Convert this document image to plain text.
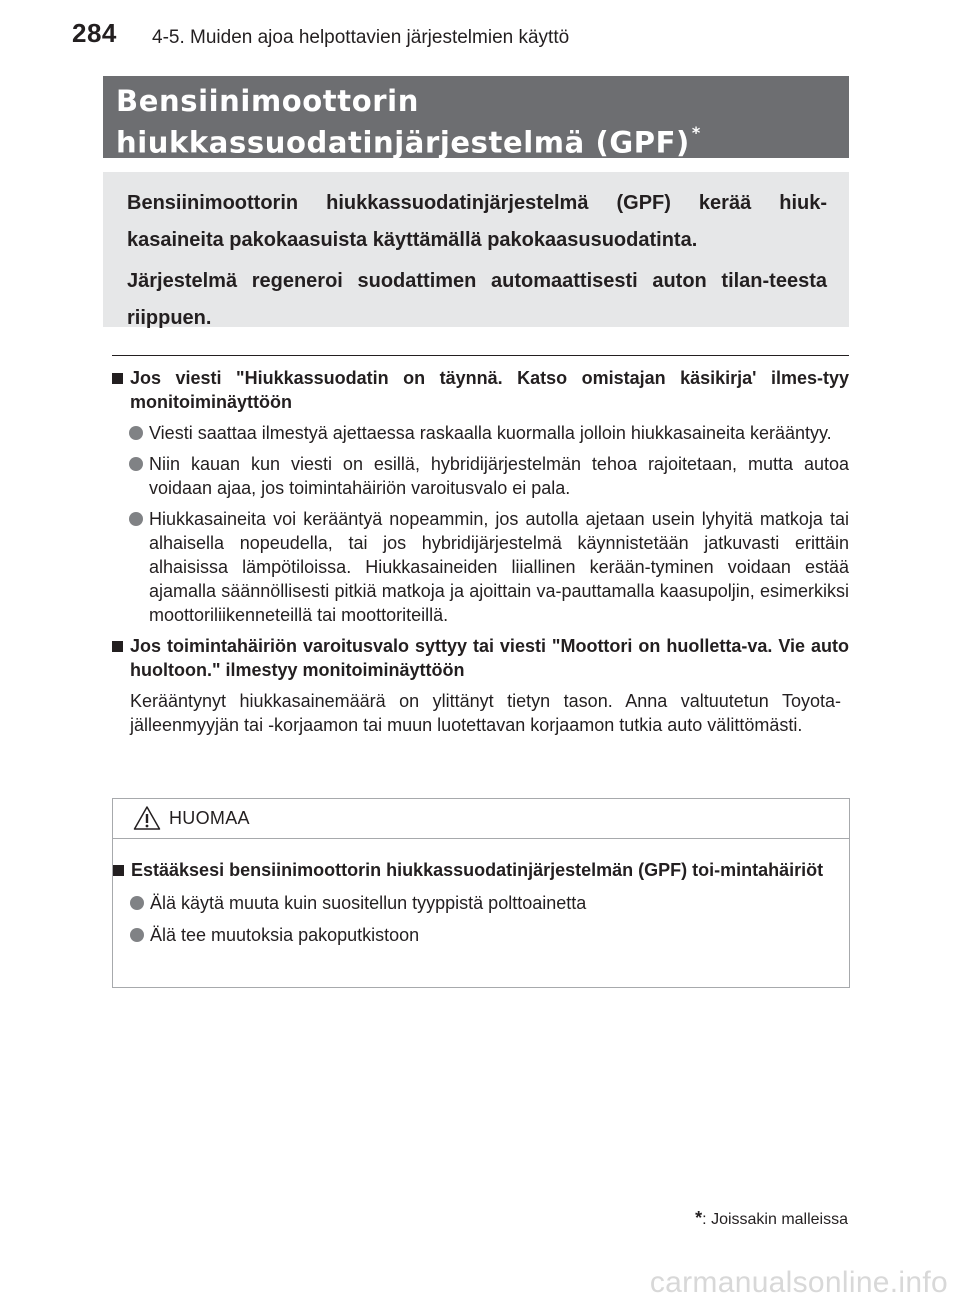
284 4-5. Muiden ajoa helpottavien järjestelmien käyttö
Bensiinimoottorin
hiukkassuodatinjärjestelmä (GPF) *

Bensiinimoottorin hiukkassuodatinjärjestelmä (GPF) kerää hiuk-kasaineita pakokaasuista käyttämällä pakokaasusuodatinta.

Järjestelmä regeneroi suodattimen automaattisesti auton tilan-teesta riippuen.

Jos viesti "Hiukkassuodatin on täynnä. Katso omistajan käsikirja' ilmes-tyy monitoiminäyttöön
Viesti saattaa ilmestyä ajettaessa raskaalla kuormalla jolloin hiukkasaineita kerääntyy.
Niin kauan kun viesti on esillä, hybridijärjestelmän tehoa rajoitetaan, mutta autoa voidaan ajaa, jos toimintahäiriön varoitusvalo ei pala.
Hiukkasaineita voi kerääntyä nopeammin, jos autolla ajetaan usein lyhyitä matkoja tai alhaisella nopeudella, tai jos hybridijärjestelmä käynnistetään jatkuvasti erittäin alhaisissa lämpötiloissa. Hiukkasaineiden liiallinen kerään-tyminen voidaan estää ajamalla säännöllisesti pitkiä matkoja ja ajoittain va-pauttamalla kaasupoljin, esimerkiksi moottoriliikenneteillä tai moottoriteillä.
Jos toimintahäiriön varoitusvalo syttyy tai viesti "Moottori on huolletta-va. Vie auto huoltoon." ilmestyy monitoiminäyttöön
Kerääntynyt hiukkasainemäärä on ylittänyt tietyn tason. Anna valtuutetun Toyota-jälleenmyyjän tai -korjaamon tai muun luotettavan korjaamon tutkia auto välittömästi.
HUOMAA
Estääksesi bensiinimoottorin hiukkassuodatinjärjestelmän (GPF) toi-mintahäiriöt
Älä käytä muuta kuin suositellun tyyppistä polttoainetta
Älä tee muutoksia pakoputkistoon
*: Joissakin malleissa
carmanualsonline.info
